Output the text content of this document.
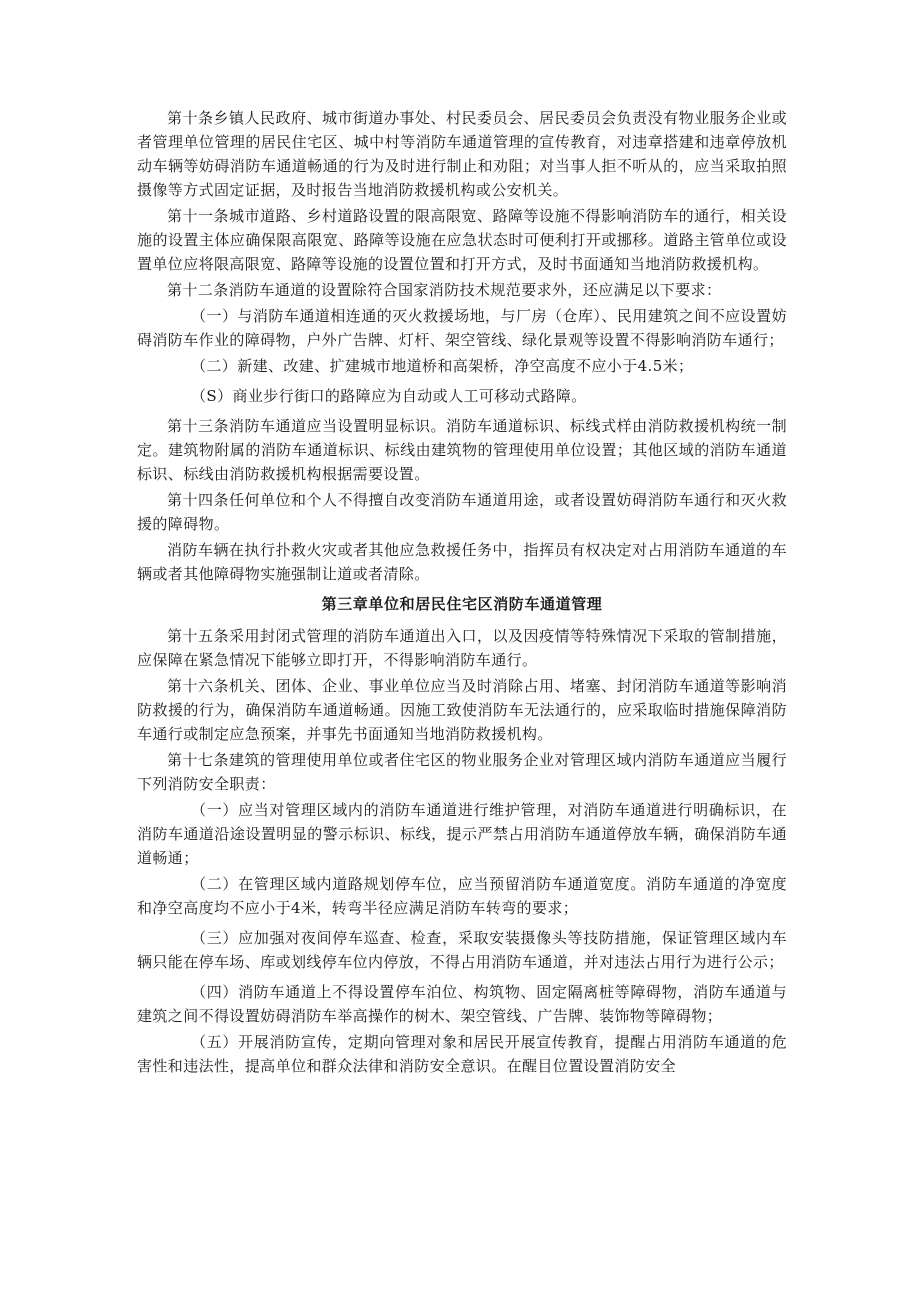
第十条乡镇人民政府、城市街道办事处、村民委员会、居民委员会负责没有物业服务企业或者管理单位管理的居民住宅区、城中村等消防车通道管理的宣传教育，对违章搭建和违章停放机动车辆等妨碍消防车通道畅通的行为及时进行制止和劝阻；对当事人拒不听从的，应当采取拍照摄像等方式固定证据，及时报告当地消防救援机构或公安机关。

第十一条城市道路、乡村道路设置的限高限宽、路障等设施不得影响消防车的通行，相关设施的设置主体应确保限高限宽、路障等设施在应急状态时可便利打开或挪移。道路主管单位或设置单位应将限高限宽、路障等设施的设置位置和打开方式，及时书面通知当地消防救援机构。

第十二条消防车通道的设置除符合国家消防技术规范要求外，还应满足以下要求：

（一）与消防车通道相连通的灭火救援场地，与厂房（仓库）、民用建筑之间不应设置妨碍消防车作业的障碍物，户外广告牌、灯杆、架空管线、绿化景观等设置不得影响消防车通行；

（二）新建、改建、扩建城市地道桥和高架桥，净空高度不应小于4.5米；

（S）商业步行街口的路障应为自动或人工可移动式路障。

第十三条消防车通道应当设置明显标识。消防车通道标识、标线式样由消防救援机构统一制定。建筑物附属的消防车通道标识、标线由建筑物的管理使用单位设置；其他区域的消防车通道标识、标线由消防救援机构根据需要设置。

第十四条任何单位和个人不得擅自改变消防车通道用途，或者设置妨碍消防车通行和灭火救援的障碍物。

消防车辆在执行扑救火灾或者其他应急救援任务中，指挥员有权决定对占用消防车通道的车辆或者其他障碍物实施强制让道或者清除。

第三章单位和居民住宅区消防车通道管理

第十五条采用封闭式管理的消防车通道出入口，以及因疫情等特殊情况下采取的管制措施，应保障在紧急情况下能够立即打开，不得影响消防车通行。

第十六条机关、团体、企业、事业单位应当及时消除占用、堵塞、封闭消防车通道等影响消防救援的行为，确保消防车通道畅通。因施工致使消防车无法通行的，应采取临时措施保障消防车通行或制定应急预案，并事先书面通知当地消防救援机构。

第十七条建筑的管理使用单位或者住宅区的物业服务企业对管理区域内消防车通道应当履行下列消防安全职责：

（一）应当对管理区域内的消防车通道进行维护管理，对消防车通道进行明确标识，在消防车通道沿途设置明显的警示标识、标线，提示严禁占用消防车通道停放车辆，确保消防车通道畅通；

（二）在管理区域内道路规划停车位，应当预留消防车通道宽度。消防车通道的净宽度和净空高度均不应小于4米，转弯半径应满足消防车转弯的要求；

（三）应加强对夜间停车巡查、检查，采取安装摄像头等技防措施，保证管理区域内车辆只能在停车场、库或划线停车位内停放，不得占用消防车通道，并对违法占用行为进行公示；

（四）消防车通道上不得设置停车泊位、构筑物、固定隔离桩等障碍物，消防车通道与建筑之间不得设置妨碍消防车举高操作的树木、架空管线、广告牌、装饰物等障碍物；

（五）开展消防宣传，定期向管理对象和居民开展宣传教育，提醒占用消防车通道的危害性和违法性，提高单位和群众法律和消防安全意识。在醒目位置设置消防安全
